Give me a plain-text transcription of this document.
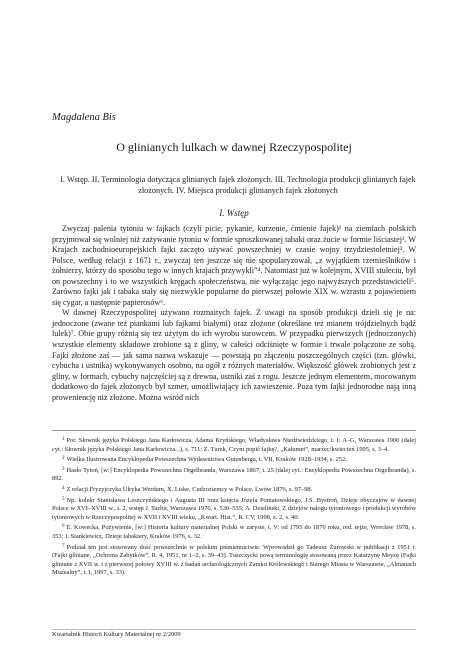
Magdalena Bis
O glinianych lulkach w dawnej Rzeczypospolitej
I. Wstęp. II. Terminologia dotycząca glinianych fajek złożonych. III. Technologia produkcji glinianych fajek złożonych. IV. Miejsca produkcji glinianych fajek złożonych
I. Wstęp

Zwyczaj palenia tytoniu w fajkach (czyli picie, pykanie, kurzenie, ćmienie fajek)¹ na ziemiach polskich przyjmował się wolniej niż zażywanie tytoniu w formie sproszkowanej tabaki oraz żucie w formie liściastej². W Krajach zachodnioeuropejskich fajki zaczęto używać powszechniej w czasie wojny trzydziestoletniej³. W Polsce, według relacji z 1671 r., zwyczaj ten jeszcze się nie spopularyzował, „z wyjątkiem rzemieślników i żołnierzy, którzy do sposobu tego w innych krajach przywykli”⁴. Natomiast już w kolejnym, XVIII stuleciu, był on powszechny i to we wszystkich kręgach społeczeństwa, nie wyłączając jego najwyższych przedstawicieli⁵. Zarówno fajki jak i tabaka stały się niezwykle popularne do pierwszej połowie XIX w. wzrastu z pojawieniem się cygar, a następnie papierosów⁶.

W dawnej Rzeczypospolitej używano rozmaitych fajek. Z uwagi na sposób produkcji dzieli się je na: jednoczone (zwane też piankami lub fajkami białymi) oraz złożone (określane też mianem trójdzielnych bądź lulek)⁷. Obie grupy różnią się też użytym do ich wyrobu surowcem. W przypadku pierwszych (jednoczonych) wszystkie elementy składowe zrobione są z gliny, w całości odciśnięte w formie i trwale połączone ze sobą. Fajki złożone zaś — jak sama nazwa wskazuje — powstają po złączeniu poszczególnych części (tzn. główki, cybucha i ustnika) wykonywanych osobno, na ogół z różnych materiałów. Większość główek zrobionych jest z gliny, w formach, cybuchy najczęściej są z drewna, ustniki zaś z rogu. Jeszcze jednym elementem, mocowanym dodatkowo do fajek złożonych był szmer, umożliwiający ich zawieszenie. Poza tym fajki jednorodne nają inną proweniencję niż złożone. Można wśród nich

$^1$ Por. Słownik języka Polskiego Jana Karłowicza, Adama Kryńskiego, Władysława Niedźwiedzkiego, t. I: A–G, Warszawa 1900 (dalej cyt.: Słownik języka Polskiego Jana Karłowicza...), s. 711; Z. Turek, Czym popić fajkę?, „Kalumet”, marzec/kwiecień 1995, s. 3–4.

$^2$ Wielka Ilustrowana Encyklopedia Powszechna Wydawnictwa Gutenberga, t. VII, Kraków 1928–1934, s. 252.

$^3$ Hasło Tytoń, [w:] Encyklopedia Powszechna Orgelbranda, Warszawa 1867, t. 25 (dalej cyt.: Encyklopedia Powszechna Orgelbranda), s. 892.

$^4$ Z relacji Fryzyjczyka Ulryka Werdum, X. Liske, Cudzoziemcy w Polsce, Lwów 1876, s. 97–98.

$^5$ Np. kolekr Stanisława Leszczyńskiego i Augusta III oraz księcia Józefa Poniatowskiego, J.S. Bystroń, Dzieje obyczajów w dawnej Polsce w XVI–XVIII w., t. 2, wstęp J. Tazbir, Warszawa 1976, s. 530–535; A. Dzieliński, Z dziejów nałogu tytoniowego i produkcji wyrobów tytoniowych w Rzeczypospolitej w XVII i XVIII wieku, „Kwart. Hist.”, R. CV, 1998, z. 2, s. 40.

$^6$ E. Kowecka, Pożywienie, [w:] Historia kultury materialnej Polski w zarysie, t. V: od 1795 do 1870 roku, red. tejże, Wrocław 1978, s. 353; J. Stankiewicz, Dzieje tabakiery, Kraków 1976, s. 32.

$^7$ Podział ten jest stosowany dość powszechnie w polskim piśmiennictwie. Wprowadził go Tadeusz Żurowski w publikacji z 1951 r. (Fajki gliniane, „Ochrona Zabytków”, R. 4, 1951, nr 1–2, s. 39–43). Tuszczycki nową terminologię stosowaną przez Katarzynę Meyzę (Fajki gliniane z XVII w. i z pierwszej połowy XVIII w. z badań archeologicznych Zamku Królewskiego i Starego Miasta w Warszawie, „Almanach Muzealny”, t. I, 1997, s. 33).

Kwartalnik Historii Kultury Materialnej nr 2/2009
